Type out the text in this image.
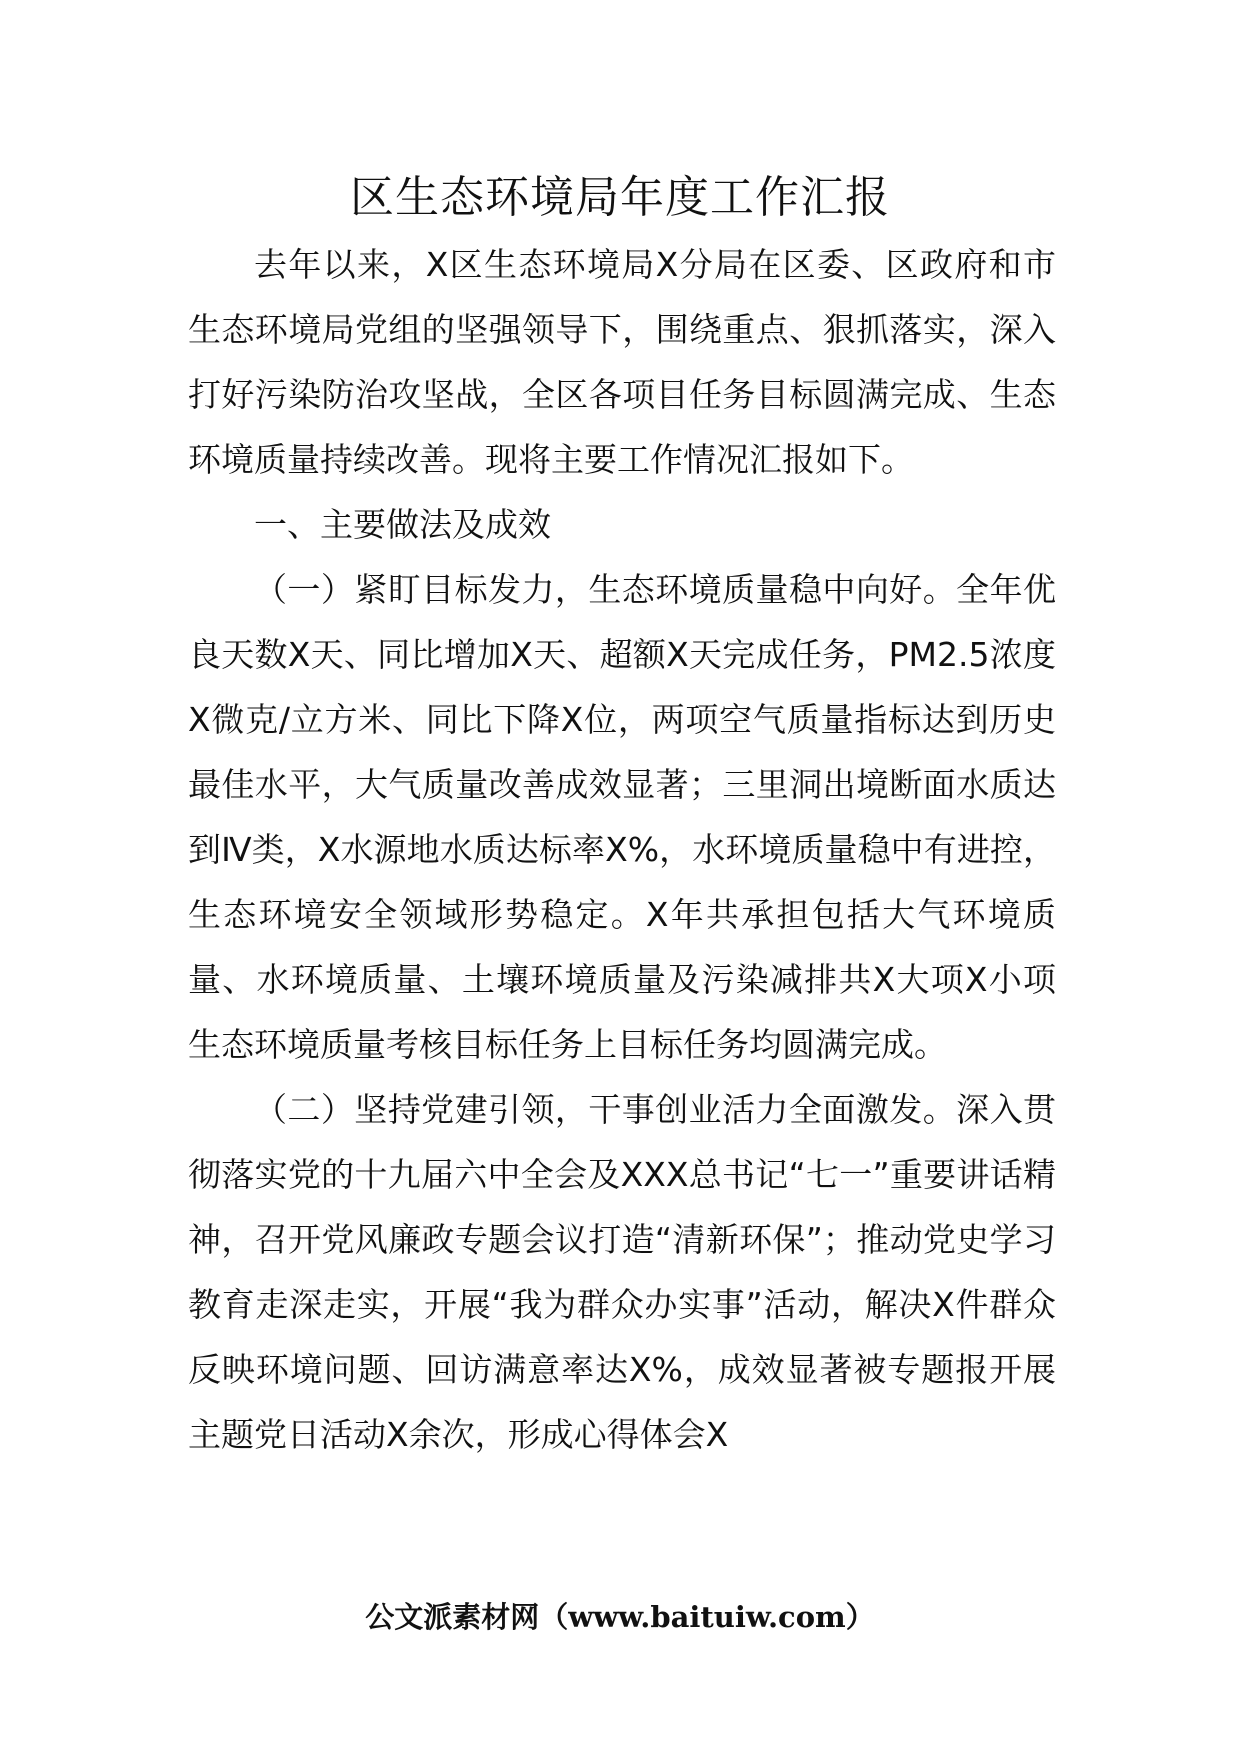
区生态环境局年度工作汇报

去年以来，X区生态环境局X分局在区委、区政府和市生态环境局党组的坚强领导下，围绕重点、狠抓落实，深入打好污染防治攻坚战，全区各项目任务目标圆满完成、生态环境质量持续改善。现将主要工作情况汇报如下。

一、主要做法及成效

（一）紧盯目标发力，生态环境质量稳中向好。全年优良天数X天、同比增加X天、超额X天完成任务，PM2.5浓度X微克/立方米、同比下降X位，两项空气质量指标达到历史最佳水平，大气质量改善成效显著；三里洞出境断面水质达到Ⅳ类，X水源地水质达标率X%，水环境质量稳中有进控，生态环境安全领域形势稳定。X年共承担包括大气环境质量、水环境质量、土壤环境质量及污染减排共X大项X小项生态环境质量考核目标任务上目标任务均圆满完成。

（二）坚持党建引领，干事创业活力全面激发。深入贯彻落实党的十九届六中全会及XXX总书记“七一”重要讲话精神，召开党风廉政专题会议打造“清新环保”；推动党史学习教育走深走实，开展“我为群众办实事”活动，解决X件群众反映环境问题、回访满意率达X%，成效显著被专题报开展主题党日活动X余次，形成心得体会X

公文派素材网（www.baituiw.com）
